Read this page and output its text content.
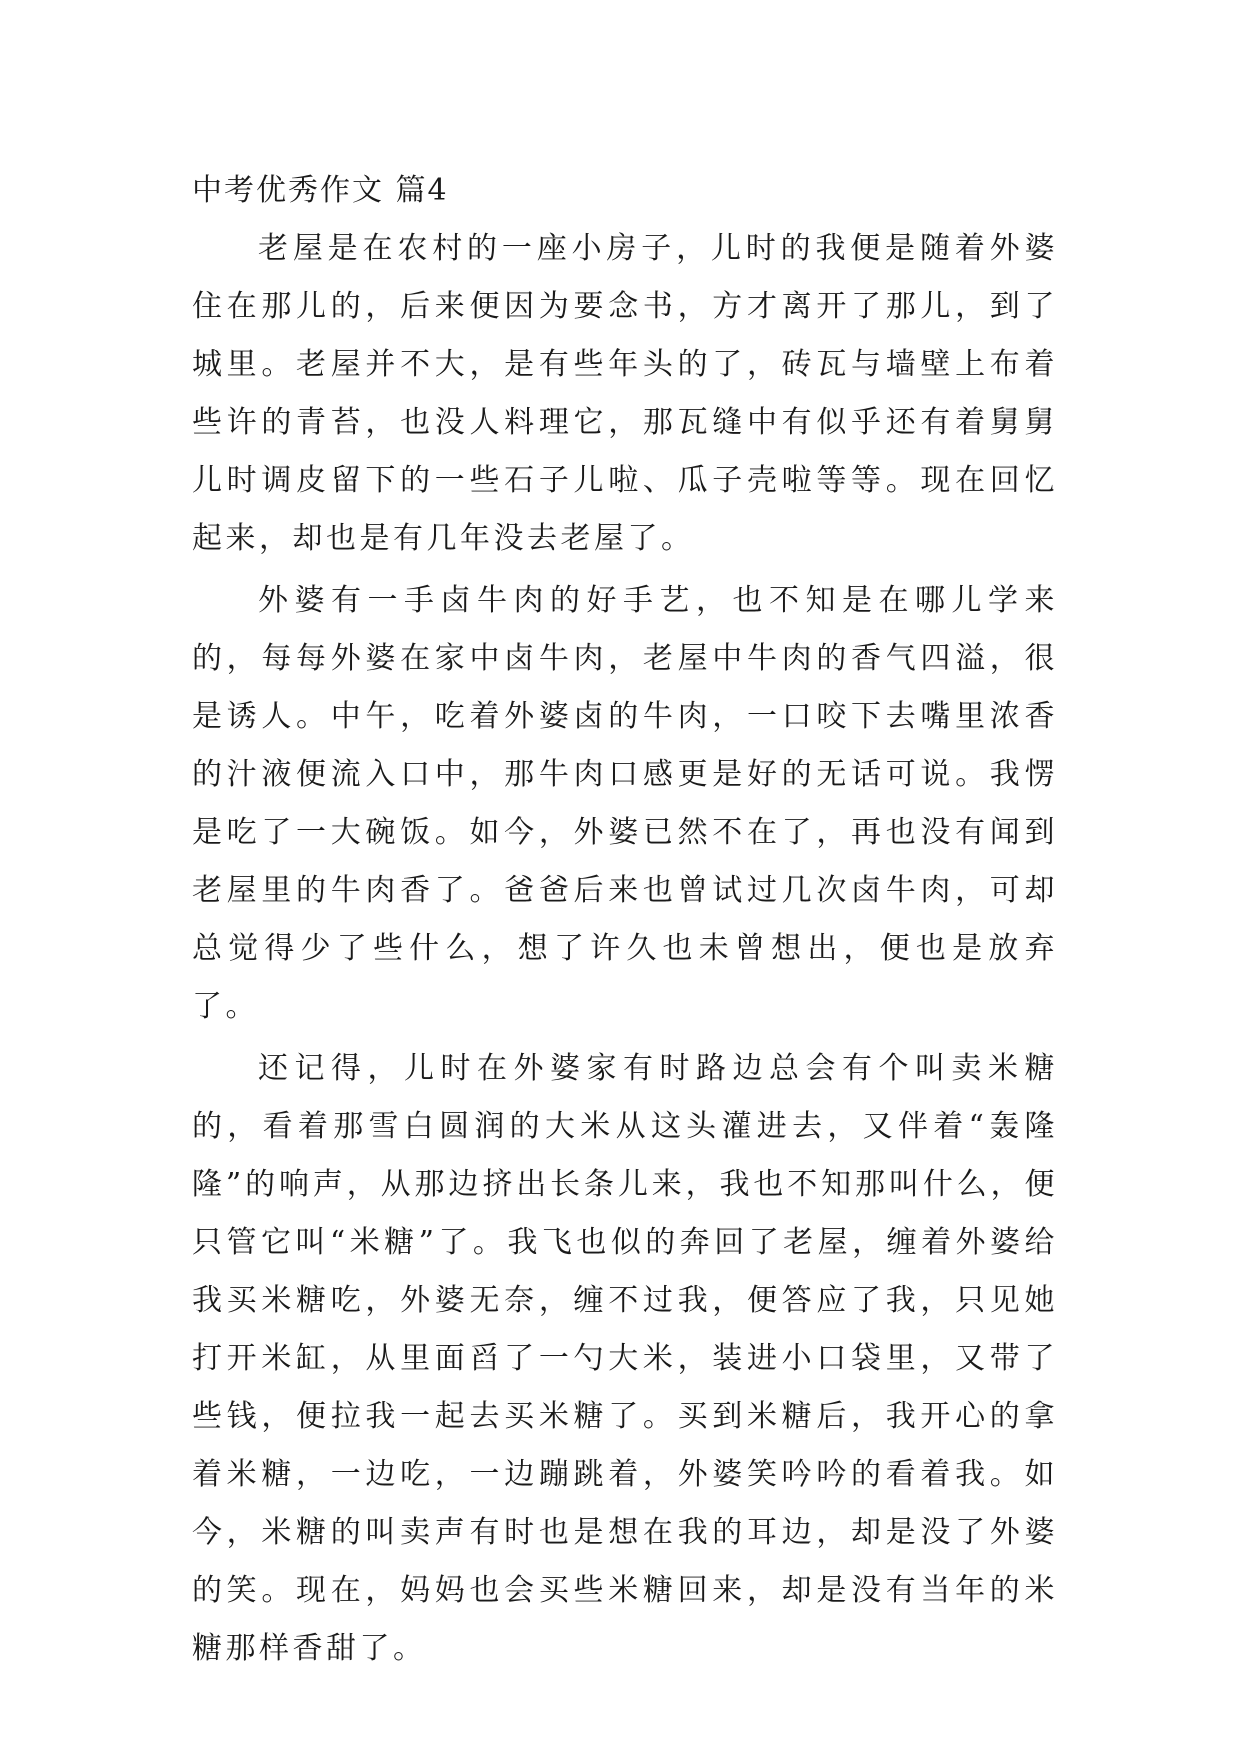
中考优秀作文 篇4

老屋是在农村的一座小房子，儿时的我便是随着外婆住在那儿的，后来便因为要念书，方才离开了那儿，到了城里。老屋并不大，是有些年头的了，砖瓦与墙壁上布着些许的青苔，也没人料理它，那瓦缝中有似乎还有着舅舅儿时调皮留下的一些石子儿啦、瓜子壳啦等等。现在回忆起来，却也是有几年没去老屋了。

外婆有一手卤牛肉的好手艺，也不知是在哪儿学来的，每每外婆在家中卤牛肉，老屋中牛肉的香气四溢，很是诱人。中午，吃着外婆卤的牛肉，一口咬下去嘴里浓香的汁液便流入口中，那牛肉口感更是好的无话可说。我愣是吃了一大碗饭。如今，外婆已然不在了，再也没有闻到老屋里的牛肉香了。爸爸后来也曾试过几次卤牛肉，可却总觉得少了些什么，想了许久也未曾想出，便也是放弃了。

还记得，儿时在外婆家有时路边总会有个叫卖米糖的，看着那雪白圆润的大米从这头灌进去，又伴着“轰隆隆”的响声，从那边挤出长条儿来，我也不知那叫什么，便只管它叫“米糖”了。我飞也似的奔回了老屋，缠着外婆给我买米糖吃，外婆无奈，缠不过我，便答应了我，只见她打开米缸，从里面舀了一勺大米，装进小口袋里，又带了些钱，便拉我一起去买米糖了。买到米糖后，我开心的拿着米糖，一边吃，一边蹦跳着，外婆笑吟吟的看着我。如今，米糖的叫卖声有时也是想在我的耳边，却是没了外婆的笑。现在，妈妈也会买些米糖回来，却是没有当年的米糖那样香甜了。
